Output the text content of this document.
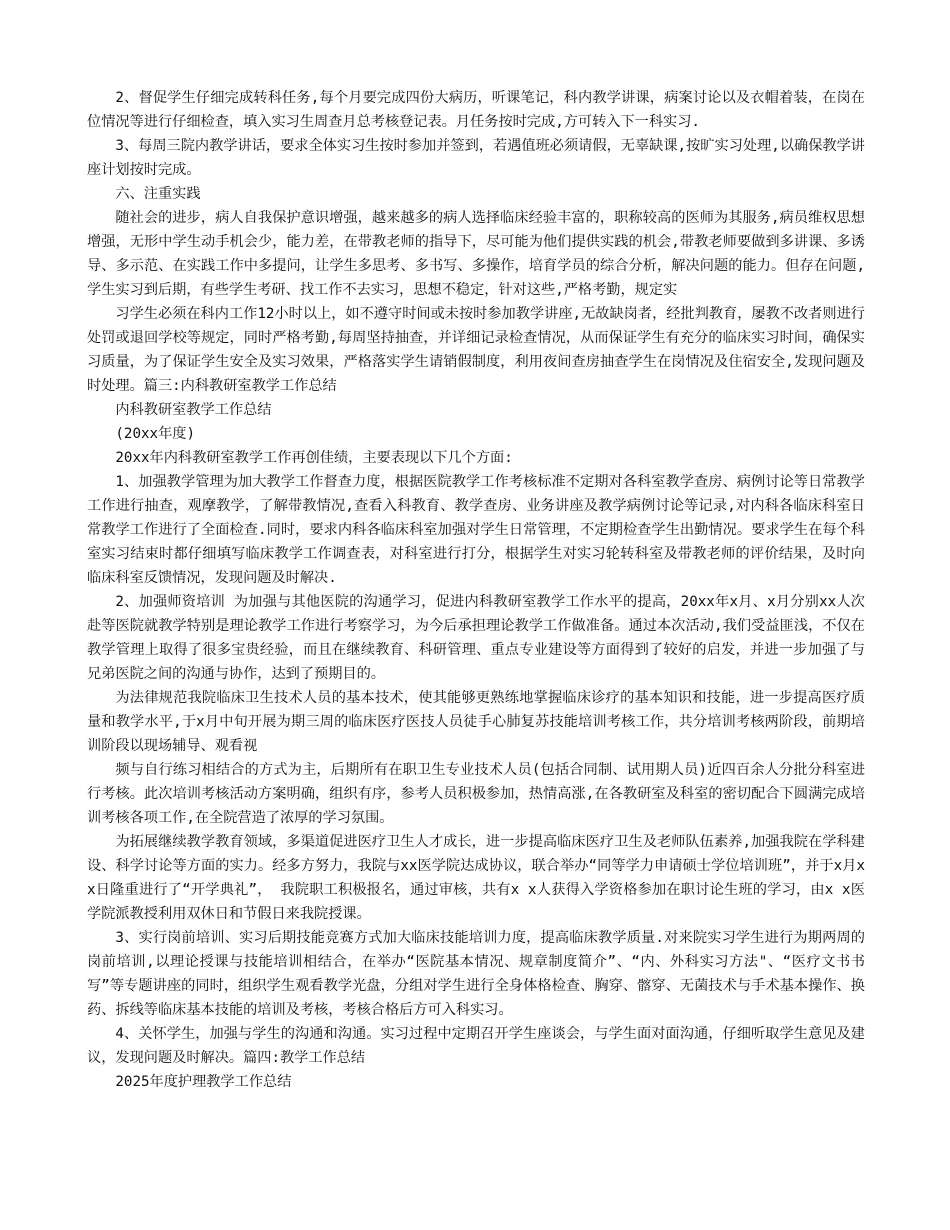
2、督促学生仔细完成转科任务,每个月要完成四份大病历，听课笔记，科内教学讲课，病案讨论以及衣帽着装，在岗在位情况等进行仔细检查，填入实习生周查月总考核登记表。月任务按时完成,方可转入下一科实习.

3、每周三院内教学讲话，要求全体实习生按时参加并签到，若遇值班必须请假，无辜缺课,按旷实习处理,以确保教学讲座计划按时完成。

六、注重实践

随社会的进步，病人自我保护意识增强，越来越多的病人选择临床经验丰富的，职称较高的医师为其服务,病员维权思想增强，无形中学生动手机会少，能力差，在带教老师的指导下，尽可能为他们提供实践的机会,带教老师要做到多讲课、多诱导、多示范、在实践工作中多提问，让学生多思考、多书写、多操作，培育学员的综合分析，解决问题的能力。但存在问题,学生实习到后期，有些学生考研、找工作不去实习，思想不稳定，针对这些,严格考勤，规定实

习学生必须在科内工作12小时以上，如不遵守时间或未按时参加教学讲座,无故缺岗者，经批判教育，屡教不改者则进行处罚或退回学校等规定，同时严格考勤,每周坚持抽查，并详细记录检查情况，从而保证学生有充分的临床实习时间，确保实习质量，为了保证学生安全及实习效果，严格落实学生请销假制度，利用夜间查房抽查学生在岗情况及住宿安全,发现问题及时处理。篇三:内科教研室教学工作总结

内科教研室教学工作总结

(20xx年度)

20xx年内科教研室教学工作再创佳绩，主要表现以下几个方面:

1、加强教学管理为加大教学工作督查力度，根据医院教学工作考核标准不定期对各科室教学查房、病例讨论等日常教学工作进行抽查，观摩教学，了解带教情况,查看入科教育、教学查房、业务讲座及教学病例讨论等记录,对内科各临床科室日常教学工作进行了全面检查.同时，要求内科各临床科室加强对学生日常管理，不定期检查学生出勤情况。要求学生在每个科室实习结束时都仔细填写临床教学工作调查表，对科室进行打分，根据学生对实习轮转科室及带教老师的评价结果，及时向临床科室反馈情况，发现问题及时解决.

2、加强师资培训 为加强与其他医院的沟通学习，促进内科教研室教学工作水平的提高，20xx年x月、x月分别xx人次赴等医院就教学特别是理论教学工作进行考察学习，为今后承担理论教学工作做准备。通过本次活动,我们受益匪浅，不仅在教学管理上取得了很多宝贵经验，而且在继续教育、科研管理、重点专业建设等方面得到了较好的启发，并进一步加强了与兄弟医院之间的沟通与协作，达到了预期目的。

为法律规范我院临床卫生技术人员的基本技术，使其能够更熟练地掌握临床诊疗的基本知识和技能，进一步提高医疗质量和教学水平,于x月中旬开展为期三周的临床医疗医技人员徒手心肺复苏技能培训考核工作，共分培训考核两阶段，前期培训阶段以现场辅导、观看视

频与自行练习相结合的方式为主，后期所有在职卫生专业技术人员(包括合同制、试用期人员)近四百余人分批分科室进行考核。此次培训考核活动方案明确，组织有序，参考人员积极参加，热情高涨,在各教研室及科室的密切配合下圆满完成培训考核各项工作,在全院营造了浓厚的学习氛围。

为拓展继续教学教育领域，多渠道促进医疗卫生人才成长，进一步提高临床医疗卫生及老师队伍素养,加强我院在学科建设、科学讨论等方面的实力。经多方努力，我院与xx医学院达成协议，联合举办“同等学力申请硕士学位培训班”，并于x月x x日隆重进行了“开学典礼”， 我院职工积极报名，通过审核，共有x x人获得入学资格参加在职讨论生班的学习，由x x医学院派教授利用双休日和节假日来我院授课。

3、实行岗前培训、实习后期技能竞赛方式加大临床技能培训力度，提高临床教学质量.对来院实习学生进行为期两周的岗前培训,以理论授课与技能培训相结合，在举办“医院基本情况、规章制度简介”、“内、外科实习方法"、“医疗文书书写”等专题讲座的同时，组织学生观看教学光盘，分组对学生进行全身体格检查、胸穿、髂穿、无菌技术与手术基本操作、换药、拆线等临床基本技能的培训及考核，考核合格后方可入科实习。

4、关怀学生，加强与学生的沟通和沟通。实习过程中定期召开学生座谈会，与学生面对面沟通，仔细听取学生意见及建议，发现问题及时解决。篇四:教学工作总结

2025年度护理教学工作总结
